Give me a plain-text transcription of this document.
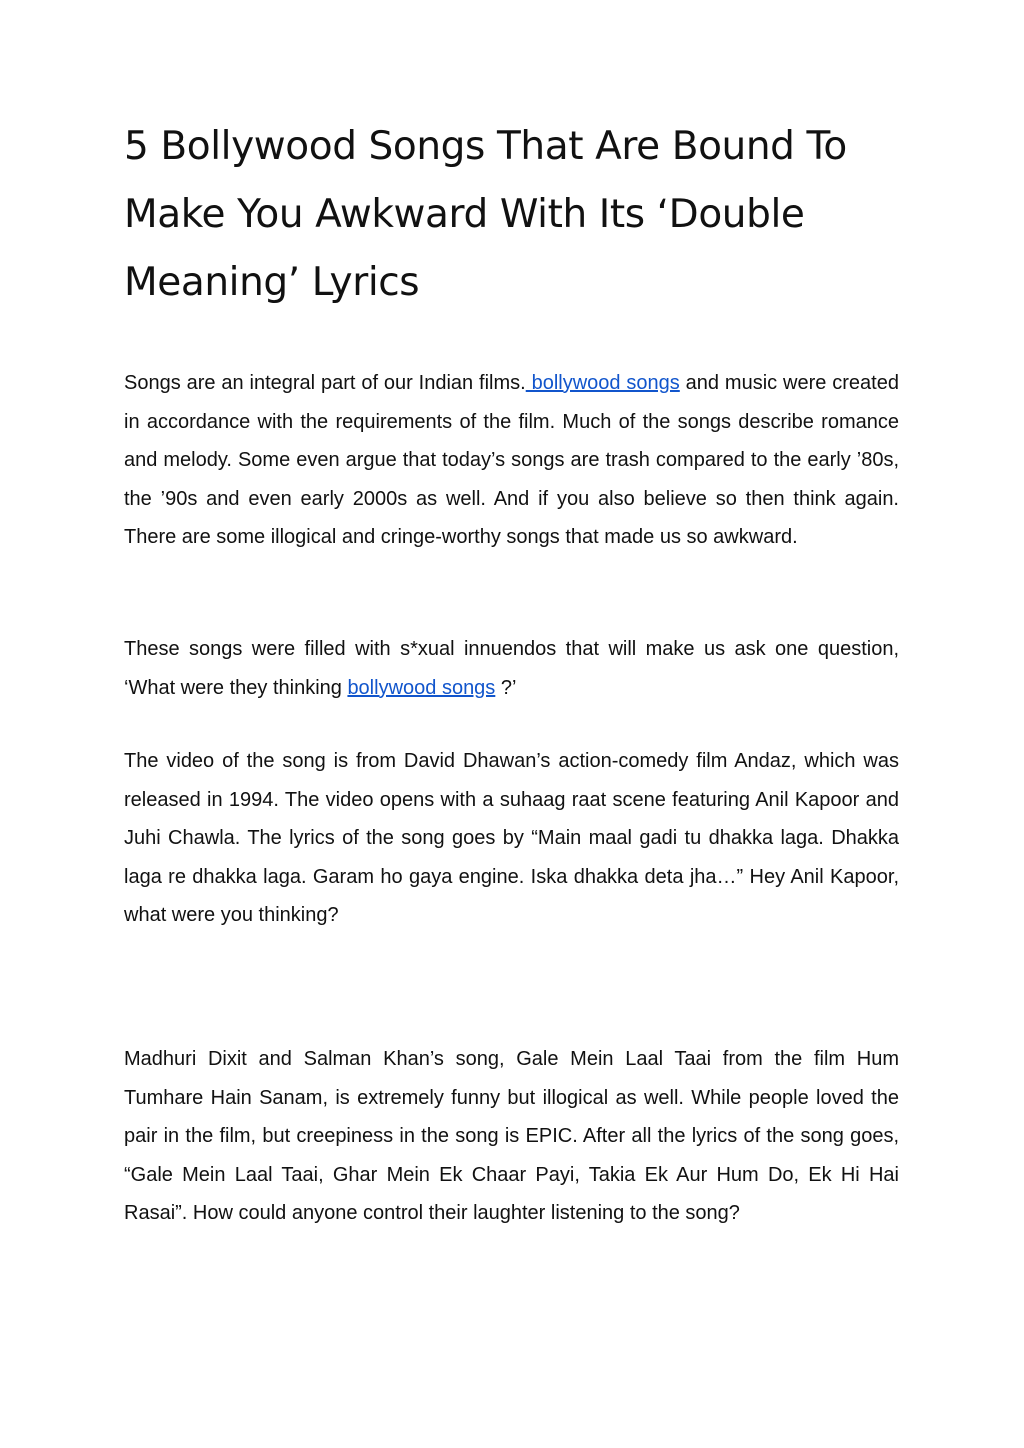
5 Bollywood Songs That Are Bound To Make You Awkward With Its ‘Double Meaning’ Lyrics

Songs are an integral part of our Indian films. bollywood songs and music were created in accordance with the requirements of the film. Much of the songs describe romance and melody. Some even argue that today’s songs are trash compared to the early ’80s, the ’90s and even early 2000s as well. And if you also believe so then think again. There are some illogical and cringe-worthy songs that made us so awkward.

These songs were filled with s*xual innuendos that will make us ask one question, ‘What were they thinking bollywood songs ?’

The video of the song is from David Dhawan’s action-comedy film Andaz, which was released in 1994. The video opens with a suhaag raat scene featuring Anil Kapoor and Juhi Chawla. The lyrics of the song goes by “Main maal gadi tu dhakka laga. Dhakka laga re dhakka laga. Garam ho gaya engine. Iska dhakka deta jha…” Hey Anil Kapoor, what were you thinking?

Madhuri Dixit and Salman Khan’s song, Gale Mein Laal Taai from the film Hum Tumhare Hain Sanam, is extremely funny but illogical as well. While people loved the pair in the film, but creepiness in the song is EPIC. After all the lyrics of the song goes, “Gale Mein Laal Taai, Ghar Mein Ek Chaar Payi, Takia Ek Aur Hum Do, Ek Hi Hai Rasai”. How could anyone control their laughter listening to the song?
